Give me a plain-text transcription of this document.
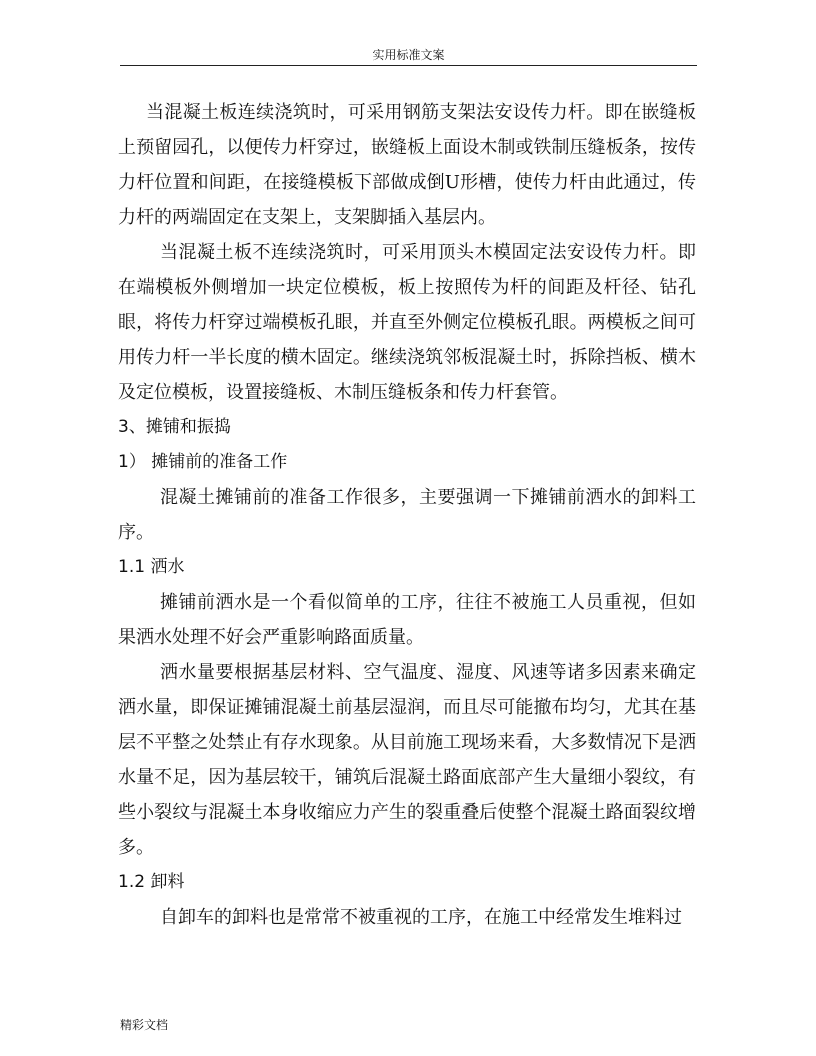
实用标准文案

当混凝土板连续浇筑时，可采用钢筋支架法安设传力杆。即在嵌缝板上预留园孔，以便传力杆穿过，嵌缝板上面设木制或铁制压缝板条，按传力杆位置和间距，在接缝模板下部做成倒U形槽，使传力杆由此通过，传力杆的两端固定在支架上，支架脚插入基层内。

当混凝土板不连续浇筑时，可采用顶头木模固定法安设传力杆。即在端模板外侧增加一块定位模板，板上按照传为杆的间距及杆径、钻孔眼，将传力杆穿过端模板孔眼，并直至外侧定位模板孔眼。两模板之间可用传力杆一半长度的横木固定。继续浇筑邻板混凝土时，拆除挡板、横木及定位模板，设置接缝板、木制压缝板条和传力杆套管。

3、摊铺和振捣

1） 摊铺前的准备工作

混凝土摊铺前的准备工作很多，主要强调一下摊铺前洒水的卸料工序。

1.1 洒水

摊铺前洒水是一个看似简单的工序，往往不被施工人员重视，但如果洒水处理不好会严重影响路面质量。

洒水量要根据基层材料、空气温度、湿度、风速等诸多因素来确定洒水量，即保证摊铺混凝土前基层湿润，而且尽可能撤布均匀，尤其在基层不平整之处禁止有存水现象。从目前施工现场来看，大多数情况下是洒水量不足，因为基层较干，铺筑后混凝土路面底部产生大量细小裂纹，有些小裂纹与混凝土本身收缩应力产生的裂重叠后使整个混凝土路面裂纹增多。

1.2 卸料

自卸车的卸料也是常常不被重视的工序，在施工中经常发生堆料过

精彩文档
